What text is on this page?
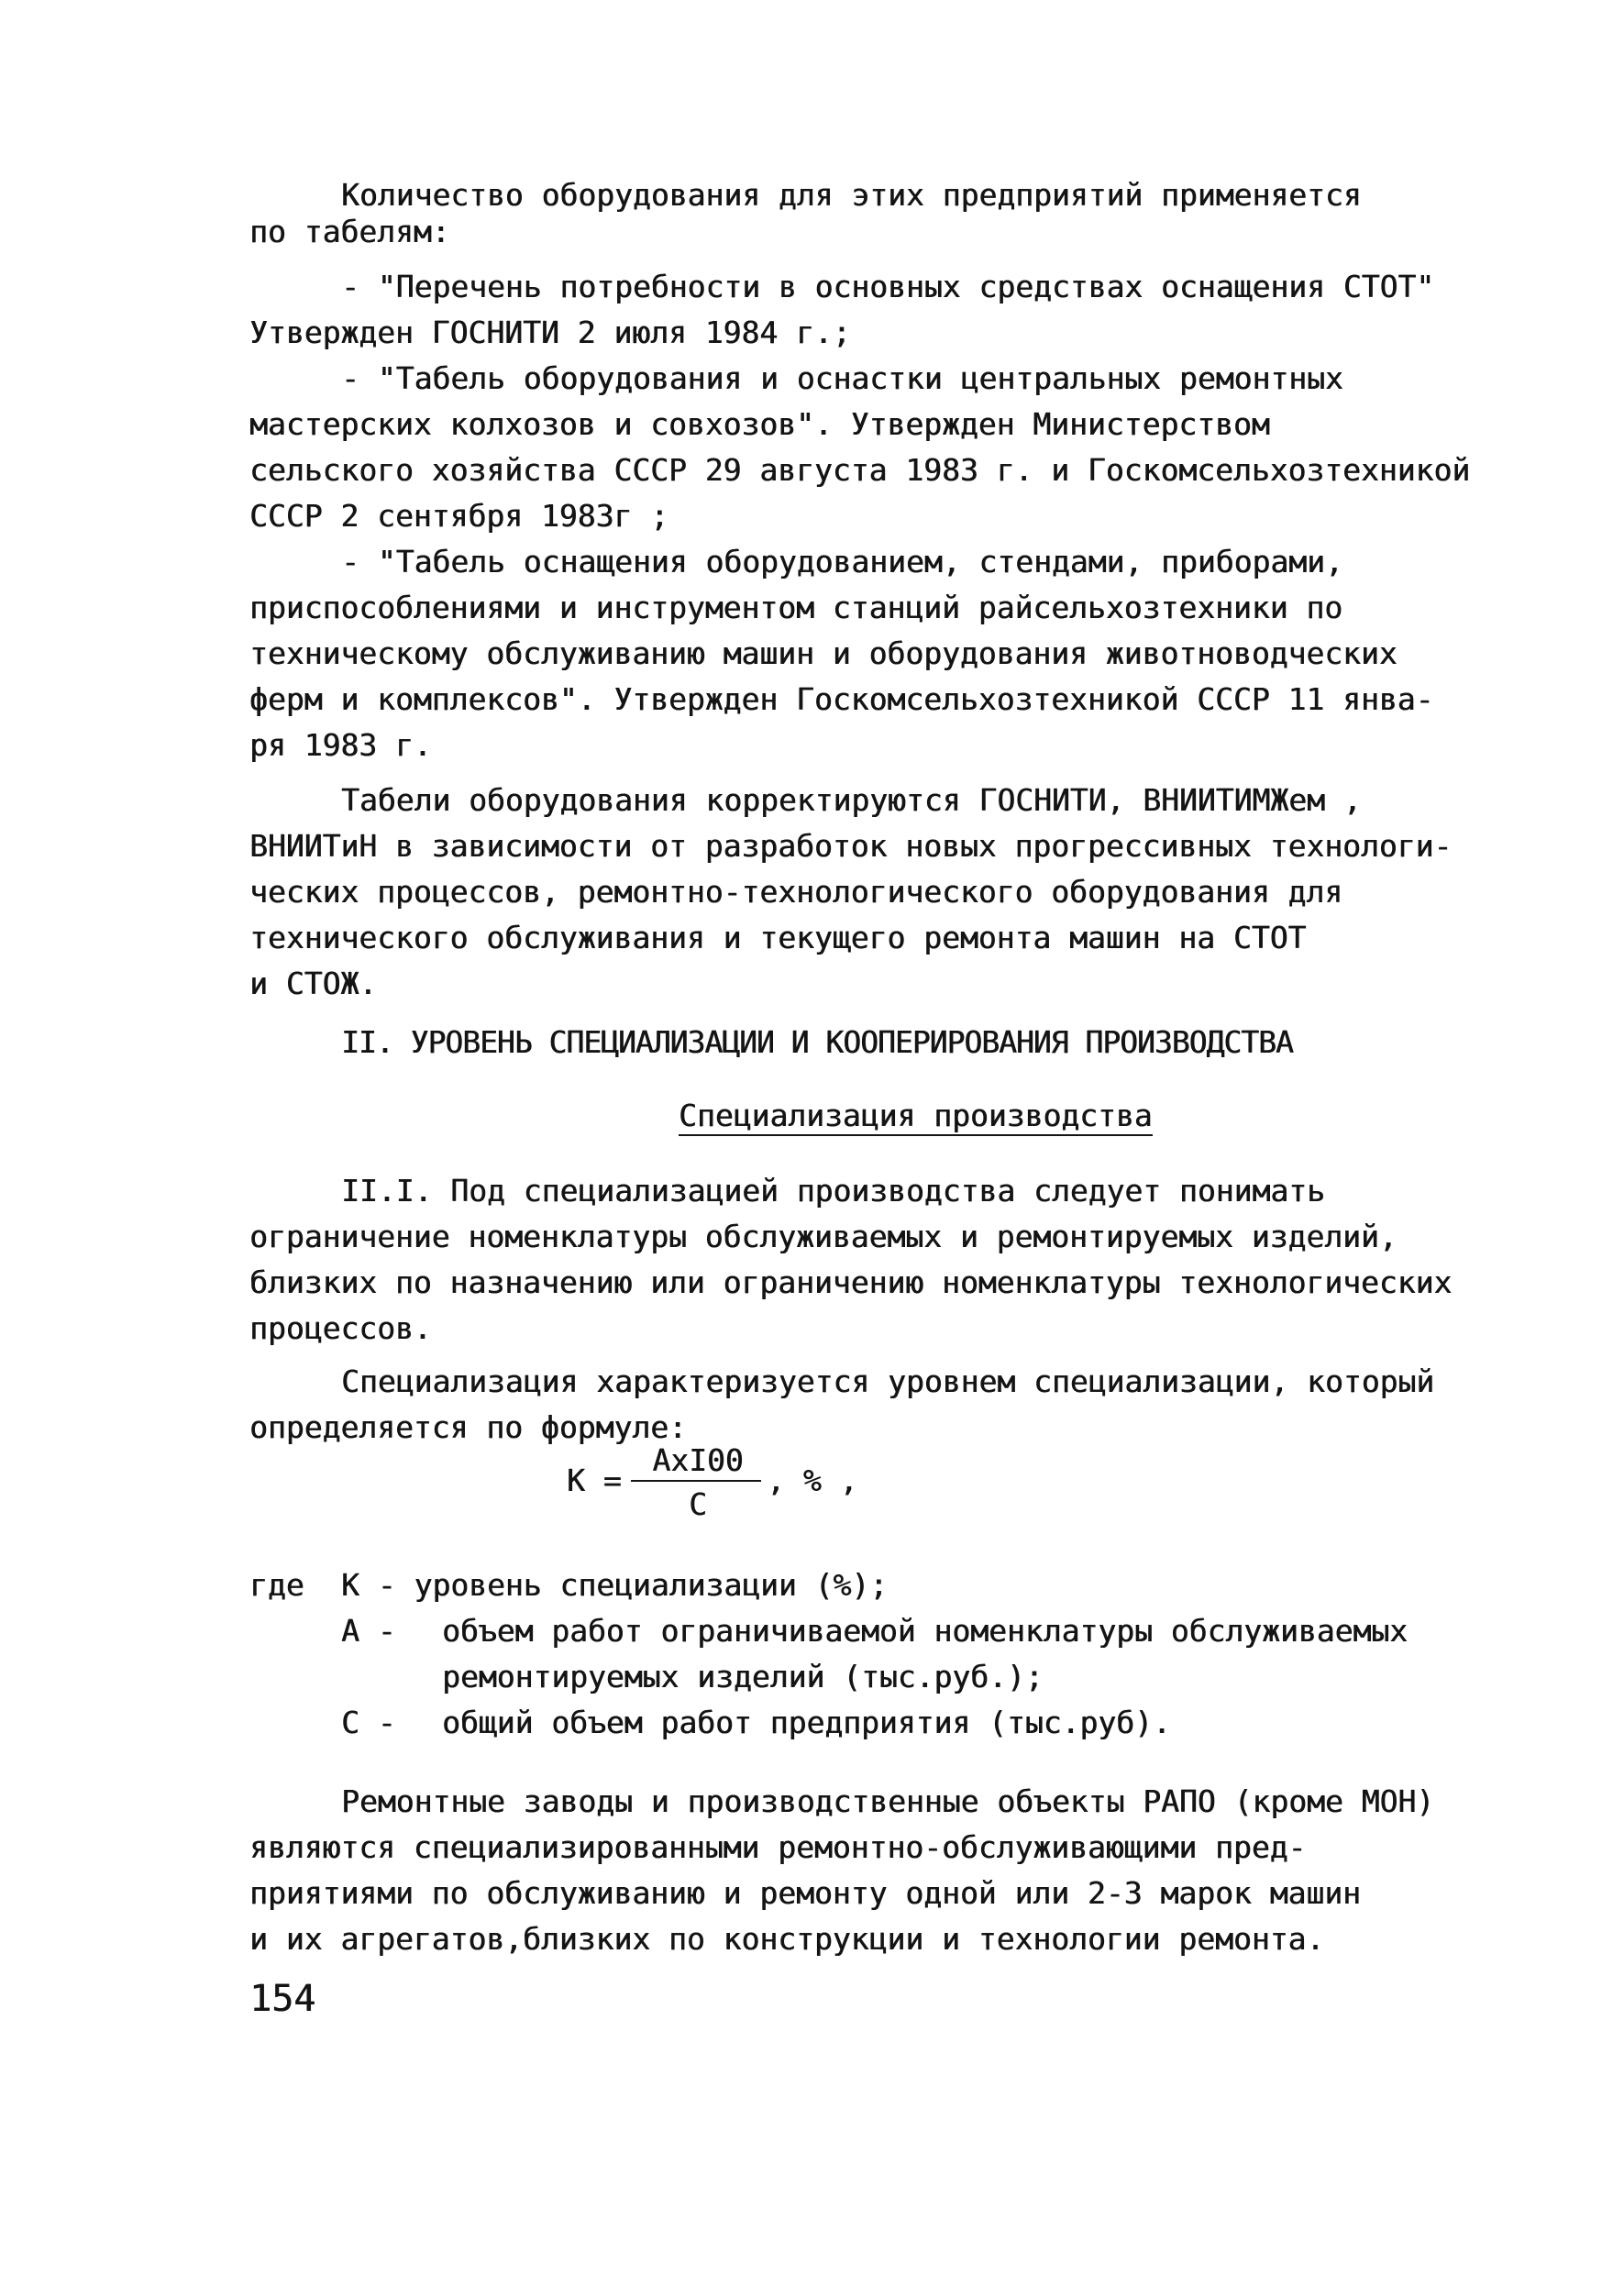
Количество оборудования для этих предприятий применяется
по табелям:
- "Перечень потребности в основных средствах оснащения СТОТ"
Утвержден ГОСНИТИ 2 июля 1984 г.;
- "Табель оборудования и оснастки центральных ремонтных
мастерских колхозов и совхозов". Утвержден Министерством
сельского хозяйства СССР 29 августа 1983 г. и Госкомсельхозтехникой
СССР 2 сентября 1983г ;
- "Табель оснащения оборудованием, стендами, приборами,
приспособлениями и инструментом станций райсельхозтехники по
техническому обслуживанию машин и оборудования животноводческих
ферм и комплексов". Утвержден Госкомсельхозтехникой СССР 11 янва-
ря 1983 г.
Табели оборудования корректируются ГОСНИТИ, ВНИИТИМЖем ,
ВНИИТиН в зависимости от разработок новых прогрессивных технологи-
ческих процессов, ремонтно-технологического оборудования для
технического обслуживания и текущего ремонта машин на СТОТ
и СТОЖ.
II. УРОВЕНЬ СПЕЦИАЛИЗАЦИИ И КООПЕРИРОВАНИЯ ПРОИЗВОДСТВА
Специализация производства
II.I. Под специализацией производства следует понимать
ограничение номенклатуры обслуживаемых и ремонтируемых изделий,
близких по назначению или ограничению номенклатуры технологических
процессов.
Специализация характеризуется уровнем специализации, который
определяется по формуле:
К =
АхI00
С
, % ,
где К - уровень специализации (%);
А - объем работ ограничиваемой номенклатуры обслуживаемых
ремонтируемых изделий (тыс.руб.);
С - общий объем работ предприятия (тыс.руб).
Ремонтные заводы и производственные объекты РАПО (кроме МОН)
являются специализированными ремонтно-обслуживающими пред-
приятиями по обслуживанию и ремонту одной или 2-3 марок машин
и их агрегатов,близких по конструкции и технологии ремонта.
154
